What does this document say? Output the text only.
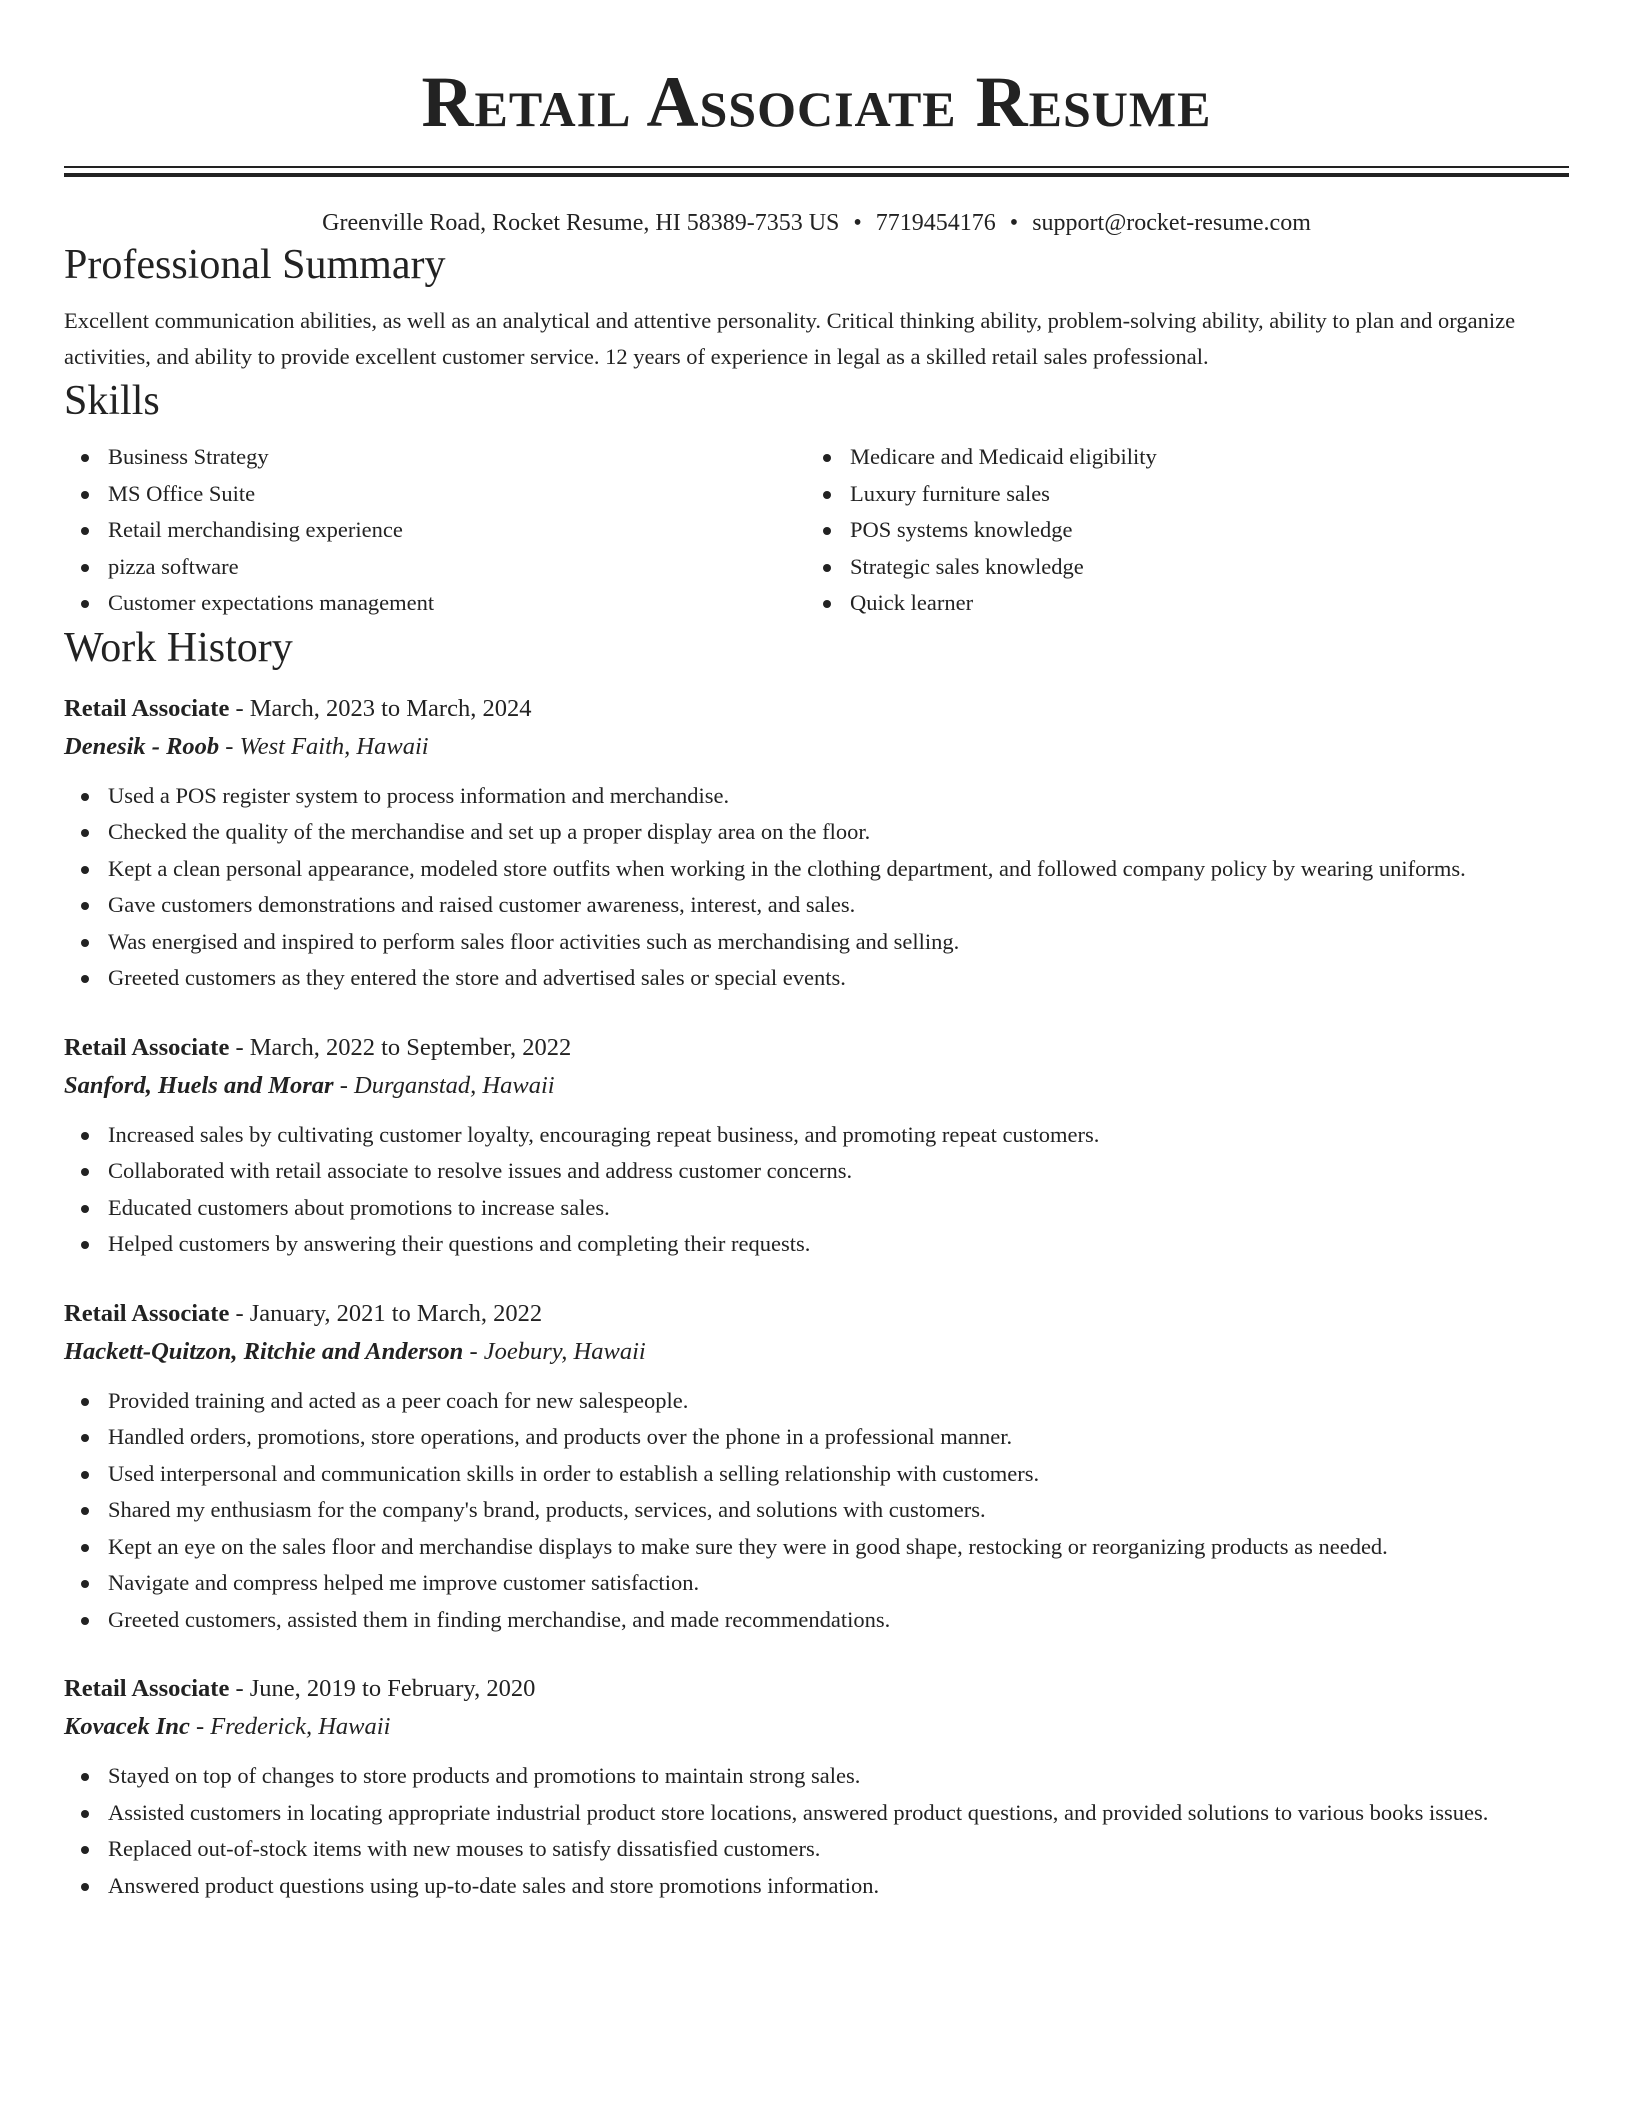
Retail Associate Resume
Greenville Road, Rocket Resume, HI 58389-7353 US • 7719454176 • support@rocket-resume.com
Professional Summary
Excellent communication abilities, as well as an analytical and attentive personality. Critical thinking ability, problem-solving ability, ability to plan and organize activities, and ability to provide excellent customer service. 12 years of experience in legal as a skilled retail sales professional.
Skills
Business Strategy
MS Office Suite
Retail merchandising experience
pizza software
Customer expectations management
Medicare and Medicaid eligibility
Luxury furniture sales
POS systems knowledge
Strategic sales knowledge
Quick learner
Work History
Retail Associate - March, 2023 to March, 2024
Denesik - Roob - West Faith, Hawaii
Used a POS register system to process information and merchandise.
Checked the quality of the merchandise and set up a proper display area on the floor.
Kept a clean personal appearance, modeled store outfits when working in the clothing department, and followed company policy by wearing uniforms.
Gave customers demonstrations and raised customer awareness, interest, and sales.
Was energised and inspired to perform sales floor activities such as merchandising and selling.
Greeted customers as they entered the store and advertised sales or special events.
Retail Associate - March, 2022 to September, 2022
Sanford, Huels and Morar - Durganstad, Hawaii
Increased sales by cultivating customer loyalty, encouraging repeat business, and promoting repeat customers.
Collaborated with retail associate to resolve issues and address customer concerns.
Educated customers about promotions to increase sales.
Helped customers by answering their questions and completing their requests.
Retail Associate - January, 2021 to March, 2022
Hackett-Quitzon, Ritchie and Anderson - Joebury, Hawaii
Provided training and acted as a peer coach for new salespeople.
Handled orders, promotions, store operations, and products over the phone in a professional manner.
Used interpersonal and communication skills in order to establish a selling relationship with customers.
Shared my enthusiasm for the company's brand, products, services, and solutions with customers.
Kept an eye on the sales floor and merchandise displays to make sure they were in good shape, restocking or reorganizing products as needed.
Navigate and compress helped me improve customer satisfaction.
Greeted customers, assisted them in finding merchandise, and made recommendations.
Retail Associate - June, 2019 to February, 2020
Kovacek Inc - Frederick, Hawaii
Stayed on top of changes to store products and promotions to maintain strong sales.
Assisted customers in locating appropriate industrial product store locations, answered product questions, and provided solutions to various books issues.
Replaced out-of-stock items with new mouses to satisfy dissatisfied customers.
Answered product questions using up-to-date sales and store promotions information.
